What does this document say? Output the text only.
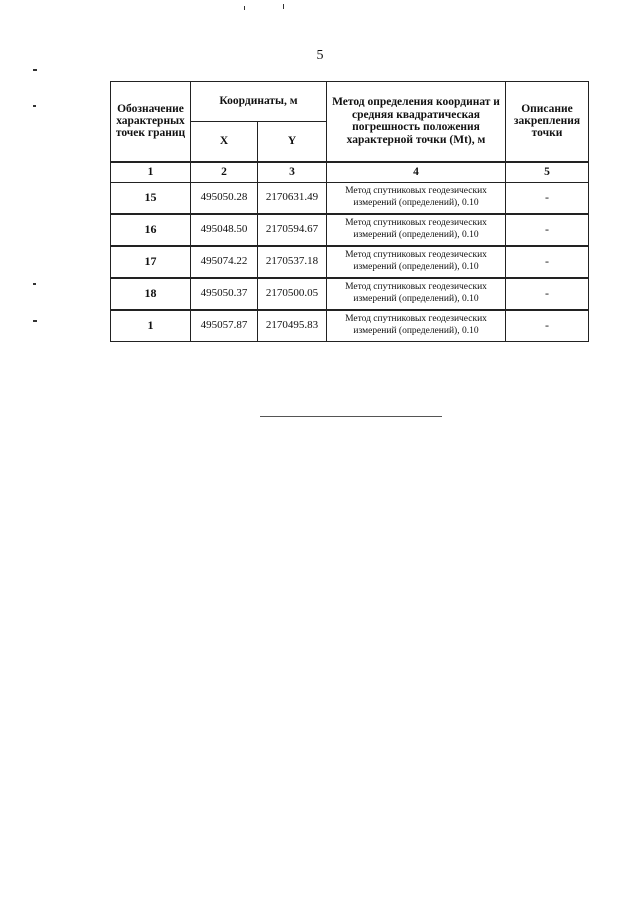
5
Обозначение характерных точек границ	Координаты, м		Метод определения координат и средняя квадратическая погрешность положения характерной точки (Mt), м	Описание закрепления точки
	X	Y		
1	2	3	4	5
15	495050.28	2170631.49	Метод спутниковых геодезических измерений (определений), 0.10	-
16	495048.50	2170594.67	Метод спутниковых геодезических измерений (определений), 0.10	-
17	495074.22	2170537.18	Метод спутниковых геодезических измерений (определений), 0.10	-
18	495050.37	2170500.05	Метод спутниковых геодезических измерений (определений), 0.10	-
1	495057.87	2170495.83	Метод спутниковых геодезических измерений (определений), 0.10	-
